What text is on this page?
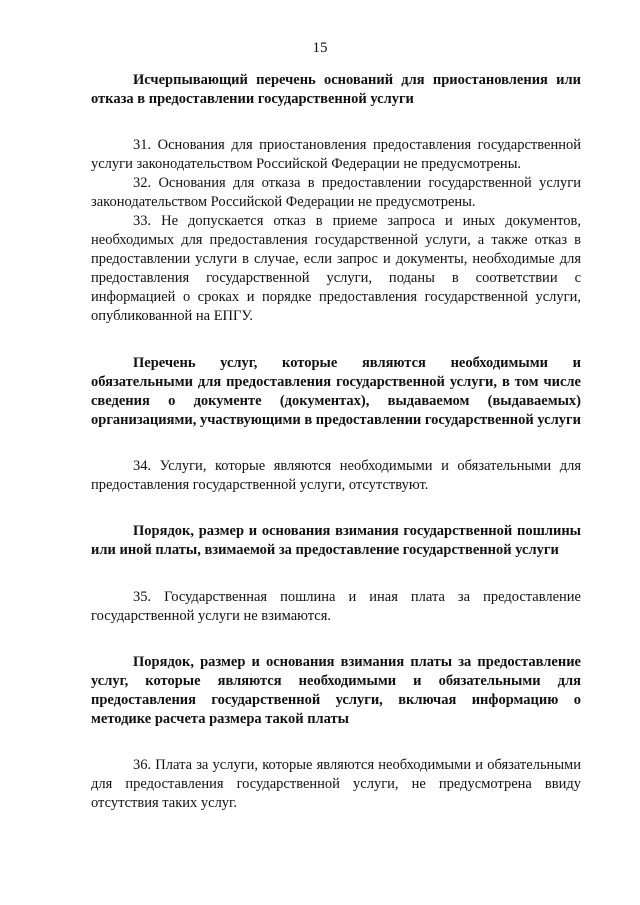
15
Исчерпывающий перечень оснований для приостановления или отказа в предоставлении государственной услуги

31. Основания для приостановления предоставления государственной услуги законодательством Российской Федерации не предусмотрены.

32. Основания для отказа в предоставлении государственной услуги законодательством Российской Федерации не предусмотрены.

33. Не допускается отказ в приеме запроса и иных документов, необходимых для предоставления государственной услуги, а также отказ в предоставлении услуги в случае, если запрос и документы, необходимые для предоставления государственной услуги, поданы в соответствии с информацией о сроках и порядке предоставления государственной услуги, опубликованной на ЕПГУ.

Перечень услуг, которые являются необходимыми и обязательными для предоставления государственной услуги, в том числе сведения о документе (документах), выдаваемом (выдаваемых) организациями, участвующими в предоставлении государственной услуги

34. Услуги, которые являются необходимыми и обязательными для предоставления государственной услуги, отсутствуют.

Порядок, размер и основания взимания государственной пошлины или иной платы, взимаемой за предоставление государственной услуги

35. Государственная пошлина и иная плата за предоставление государственной услуги не взимаются.

Порядок, размер и основания взимания платы за предоставление услуг, которые являются необходимыми и обязательными для предоставления государственной услуги, включая информацию о методике расчета размера такой платы

36. Плата за услуги, которые являются необходимыми и обязательными для предоставления государственной услуги, не предусмотрена ввиду отсутствия таких услуг.
